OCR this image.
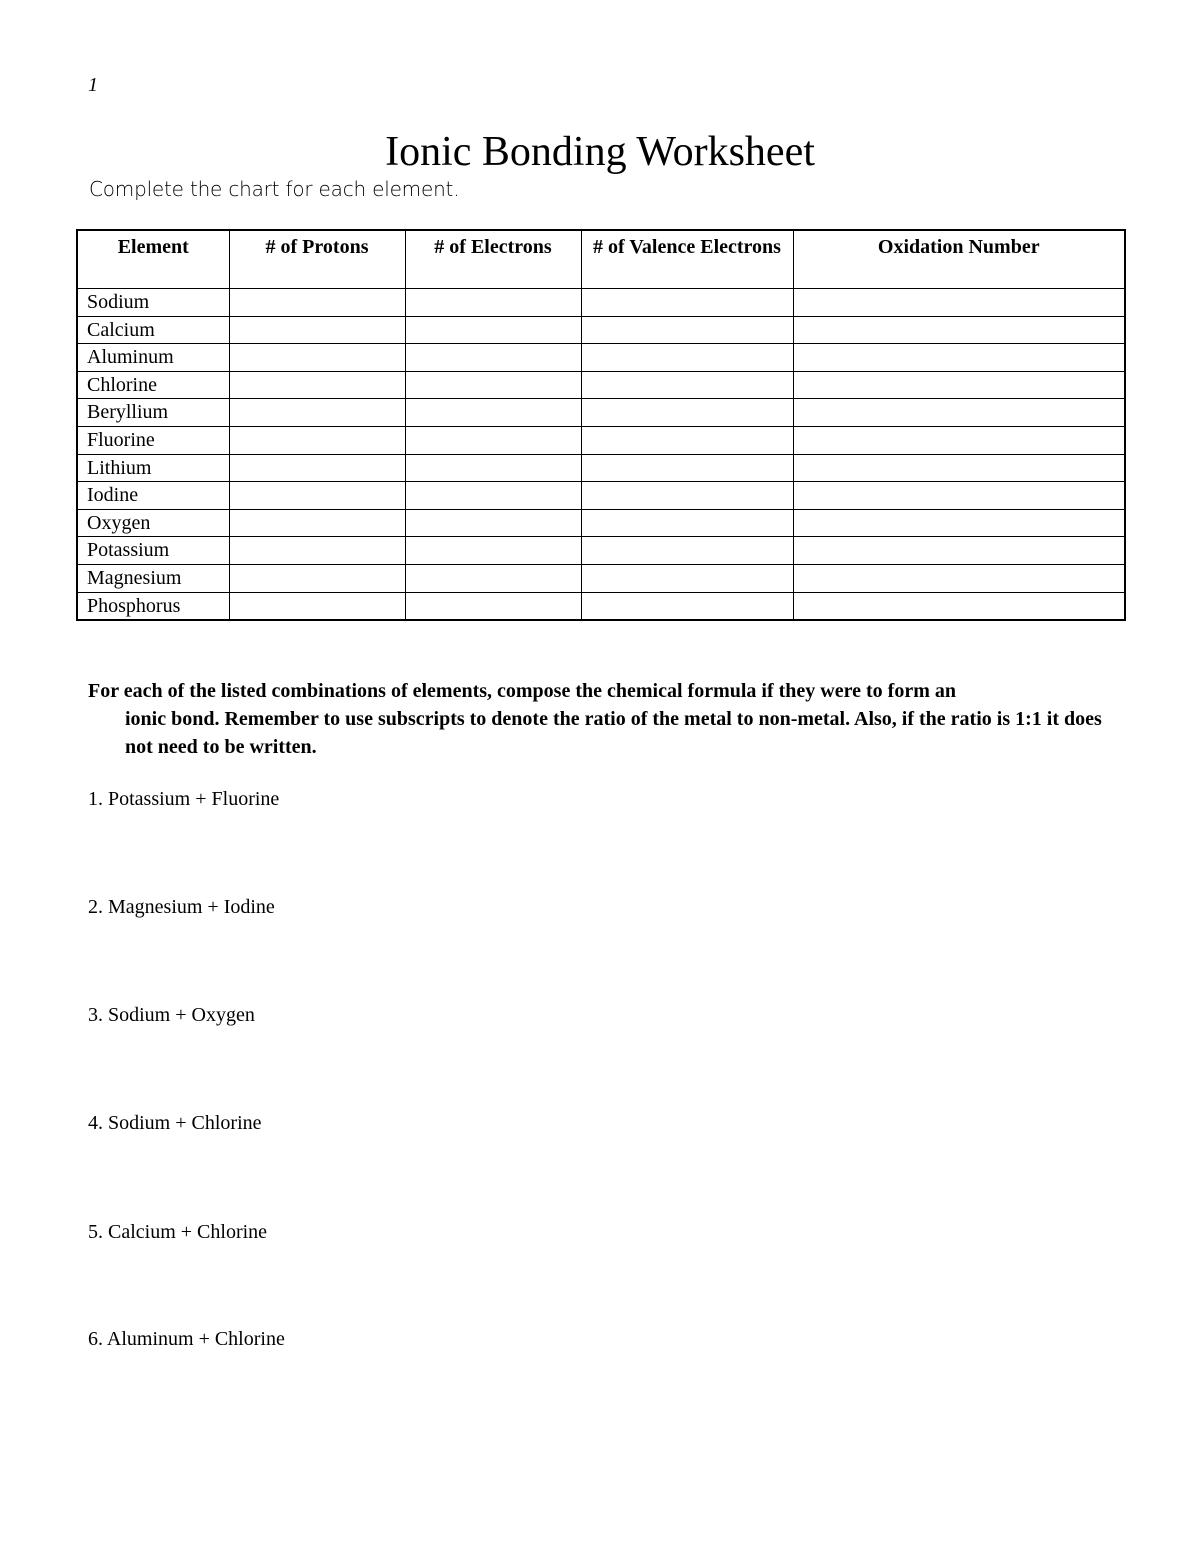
1
Ionic Bonding Worksheet
Complete the chart for each element.
Element	# of Protons	# of Electrons	# of Valence Electrons	Oxidation Number
Sodium				
Calcium				
Aluminum				
Chlorine				
Beryllium				
Fluorine				
Lithium				
Iodine				
Oxygen				
Potassium				
Magnesium				
Phosphorus				
For each of the listed combinations of elements, compose the chemical formula if they were to form an
ionic bond. Remember to use subscripts to denote the ratio of the metal to non-metal. Also, if the ratio is 1:1 it does not need to be written.
1. Potassium + Fluorine
2. Magnesium + Iodine
3. Sodium + Oxygen
4. Sodium + Chlorine
5. Calcium + Chlorine
6. Aluminum + Chlorine
